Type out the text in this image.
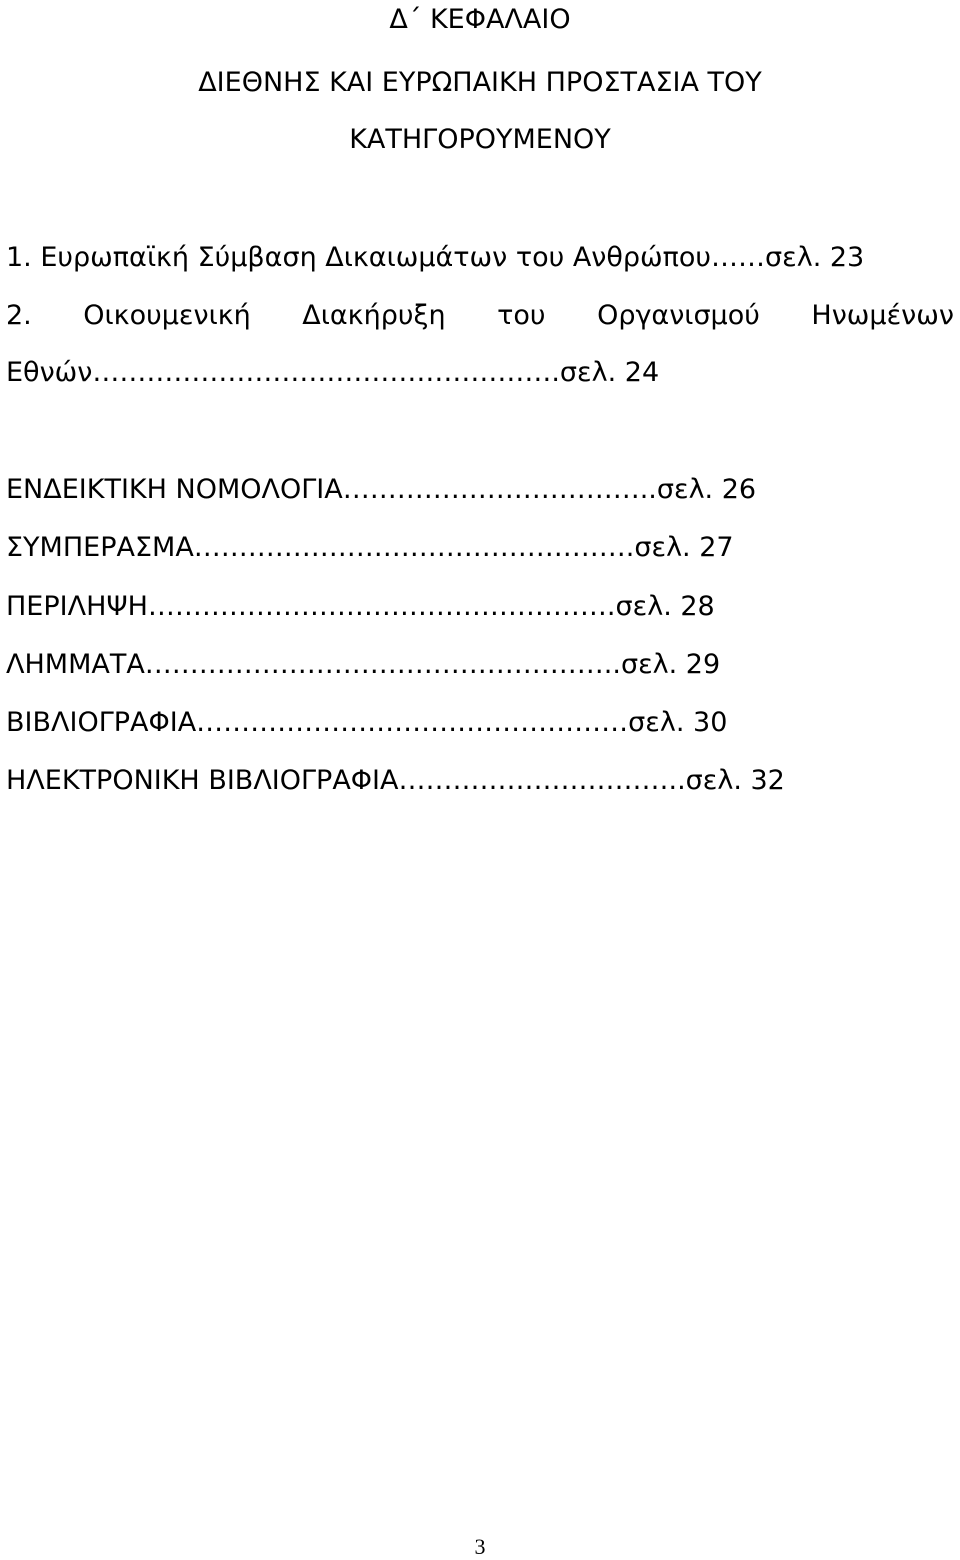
Δ΄ ΚΕΦΑΛΑΙΟ
ΔΙΕΘΝΗΣ ΚΑΙ ΕΥΡΩΠΑΙΚΗ ΠΡΟΣΤΑΣΙΑ ΤΟΥ
ΚΑΤΗΓΟΡΟΥΜΕΝΟΥ
1. Ευρωπαϊκή Σύμβαση Δικαιωμάτων του Ανθρώπου……σελ. 23
2. Οικουμενική Διακήρυξη του Οργανισμού Ηνωμένων
Εθνών…………………………………………….σελ. 24
ΕΝΔΕΙΚΤΙΚΗ ΝΟΜΟΛΟΓΙΑ……………………………..σελ. 26
ΣΥΜΠΕΡΑΣΜΑ………………………………………….σελ. 27
ΠΕΡΙΛΗΨΗ…………………………………………….σελ. 28
ΛΗΜΜΑΤΑ……………………………………………..σελ. 29
ΒΙΒΛΙΟΓΡΑΦΙΑ…………………………………………σελ. 30
ΗΛΕΚΤΡΟΝΙΚΗ ΒΙΒΛΙΟΓΡΑΦΙΑ…………………………..σελ. 32
3
